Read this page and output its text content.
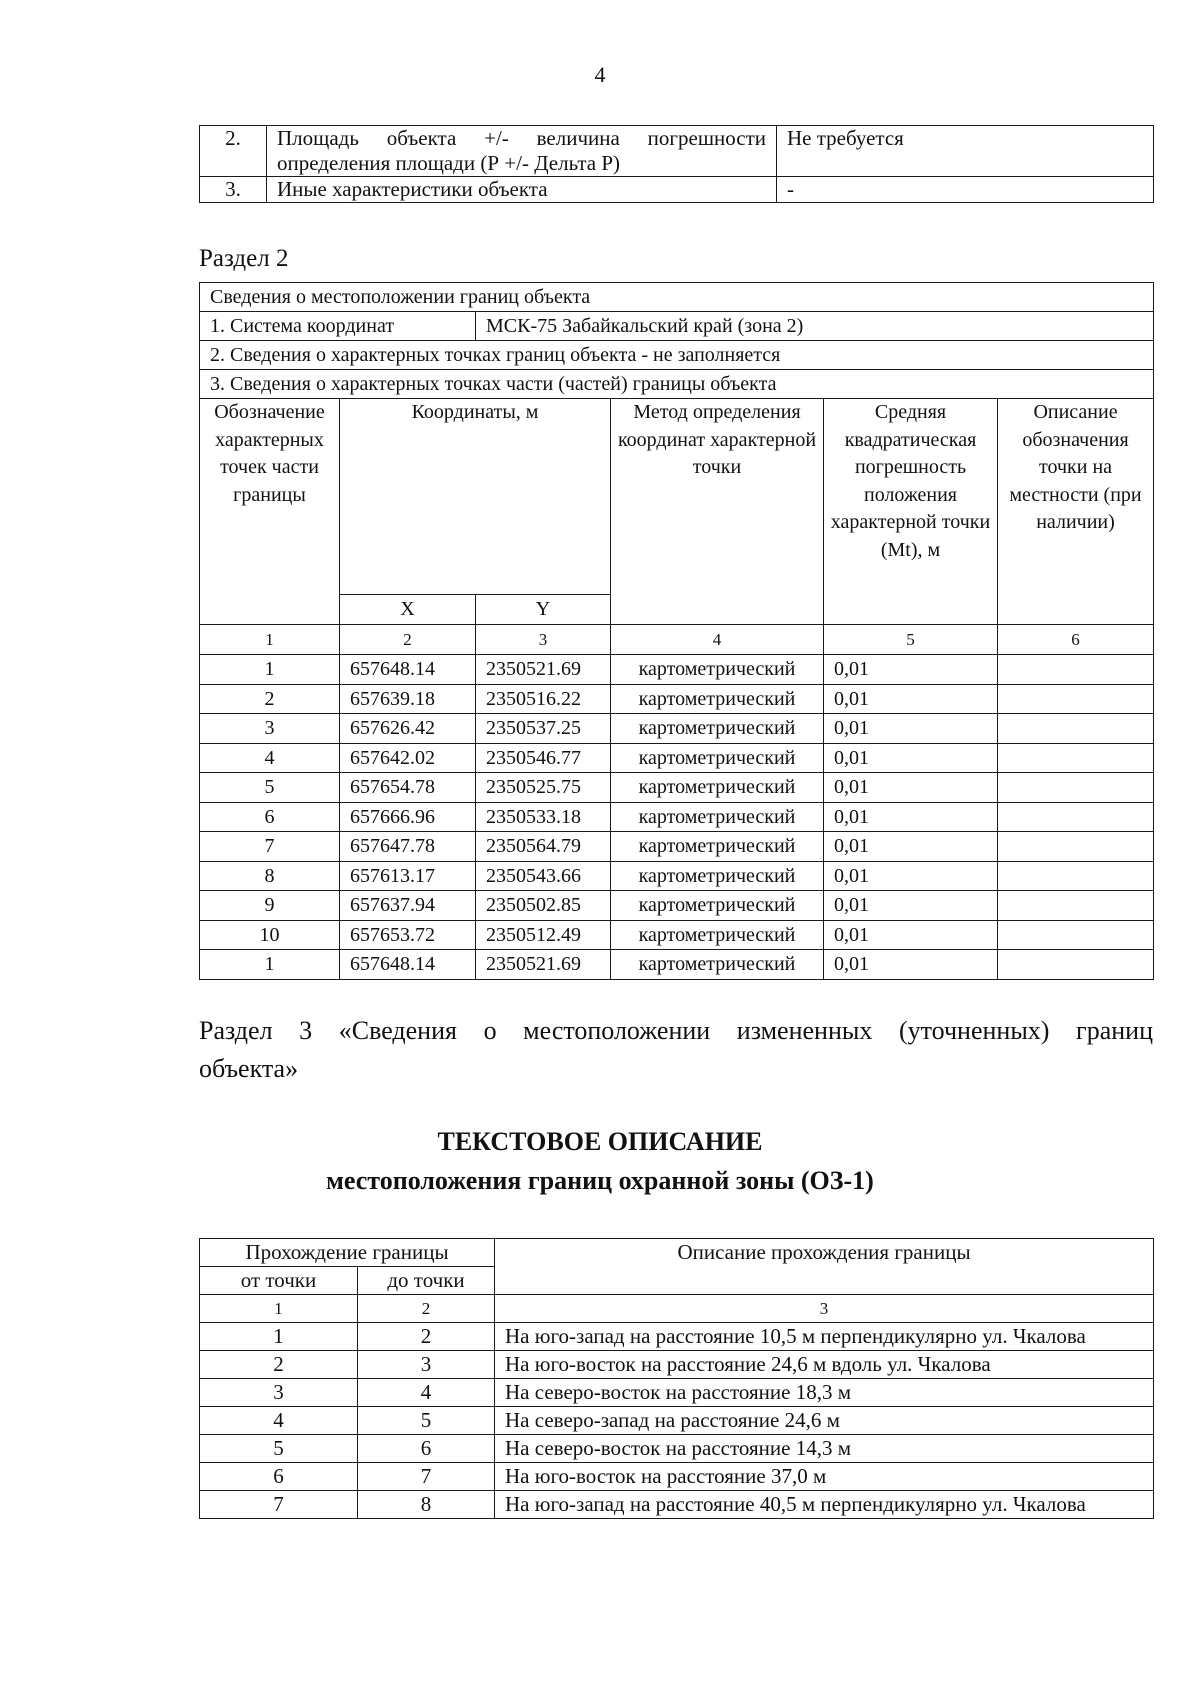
4
2.	Площадь объекта +/- величина погрешности определения площади (Р +/- Дельта Р)	Не требуется
3.	Иные характеристики объекта	-
Раздел 2
Сведения о местоположении границ объекта					
1. Система координат		МСК-75 Забайкальский край (зона 2)			
2. Сведения о характерных точках границ объекта - не заполняется					
3. Сведения о характерных точках части (частей) границы объекта					
Обозначение характерных точек части границы	Координаты, м		Метод определения координат характерной точки	Средняя квадратическая погрешность положения характерной точки (Mt), м	Описание обозначения точки на местности (при наличии)
	X	Y			
1	2	3	4	5	6
1	657648.14	2350521.69	картометрический	0,01	
2	657639.18	2350516.22	картометрический	0,01	
3	657626.42	2350537.25	картометрический	0,01	
4	657642.02	2350546.77	картометрический	0,01	
5	657654.78	2350525.75	картометрический	0,01	
6	657666.96	2350533.18	картометрический	0,01	
7	657647.78	2350564.79	картометрический	0,01	
8	657613.17	2350543.66	картометрический	0,01	
9	657637.94	2350502.85	картометрический	0,01	
10	657653.72	2350512.49	картометрический	0,01	
1	657648.14	2350521.69	картометрический	0,01	
Раздел 3 «Сведения о местоположении измененных (уточненных) границ
объекта»
ТЕКСТОВОЕ ОПИСАНИЕ
местоположения границ охранной зоны (ОЗ-1)
Прохождение границы		Описание прохождения границы
от точки	до точки	
1	2	3
1	2	На юго-запад на расстояние 10,5 м перпендикулярно ул. Чкалова
2	3	На юго-восток на расстояние 24,6 м вдоль ул. Чкалова
3	4	На северо-восток на расстояние 18,3 м
4	5	На северо-запад на расстояние 24,6 м
5	6	На северо-восток на расстояние 14,3 м
6	7	На юго-восток на расстояние 37,0 м
7	8	На юго-запад на расстояние 40,5 м перпендикулярно ул. Чкалова
